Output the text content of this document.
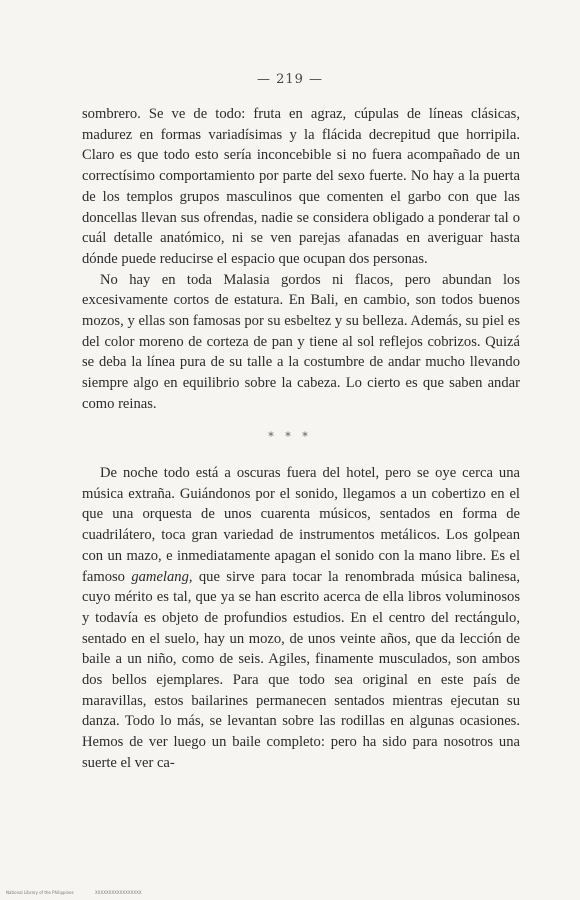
— 219 —

sombrero. Se ve de todo: fruta en agraz, cúpulas de líneas clásicas, madurez en formas variadísimas y la flácida decrepitud que horripila. Claro es que todo esto sería inconcebible si no fuera acompañado de un correctísimo comportamiento por parte del sexo fuerte. No hay a la puerta de los templos grupos masculinos que comenten el garbo con que las doncellas llevan sus ofrendas, nadie se considera obligado a ponderar tal o cuál detalle anatómico, ni se ven parejas afanadas en averiguar hasta dónde puede reducirse el espacio que ocupan dos personas.

No hay en toda Malasia gordos ni flacos, pero abundan los excesivamente cortos de estatura. En Bali, en cambio, son todos buenos mozos, y ellas son famosas por su esbeltez y su belleza. Además, su piel es del color moreno de corteza de pan y tiene al sol reflejos cobrizos. Quizá se deba la línea pura de su talle a la costumbre de andar mucho llevando siempre algo en equilibrio sobre la cabeza. Lo cierto es que saben andar como reinas.

* * *

De noche todo está a oscuras fuera del hotel, pero se oye cerca una música extraña. Guiándonos por el sonido, llegamos a un cobertizo en el que una orquesta de unos cuarenta músicos, sentados en forma de cuadrilátero, toca gran variedad de instrumentos metálicos. Los golpean con un mazo, e inmediatamente apagan el sonido con la mano libre. Es el famoso gamelang, que sirve para tocar la renombrada música balinesa, cuyo mérito es tal, que ya se han escrito acerca de ella libros voluminosos y todavía es objeto de profundios estudios. En el centro del rectángulo, sentado en el suelo, hay un mozo, de unos veinte años, que da lección de baile a un niño, como de seis. Agiles, finamente musculados, son ambos dos bellos ejemplares. Para que todo sea original en este país de maravillas, estos bailarines permanecen sentados mientras ejecutan su danza. Todo lo más, se levantan sobre las rodillas en algunas ocasiones. Hemos de ver luego un baile completo: pero ha sido para nosotros una suerte el ver ca-

National Library of the Philippines	XXXXXXXXXXXXXXXXX
